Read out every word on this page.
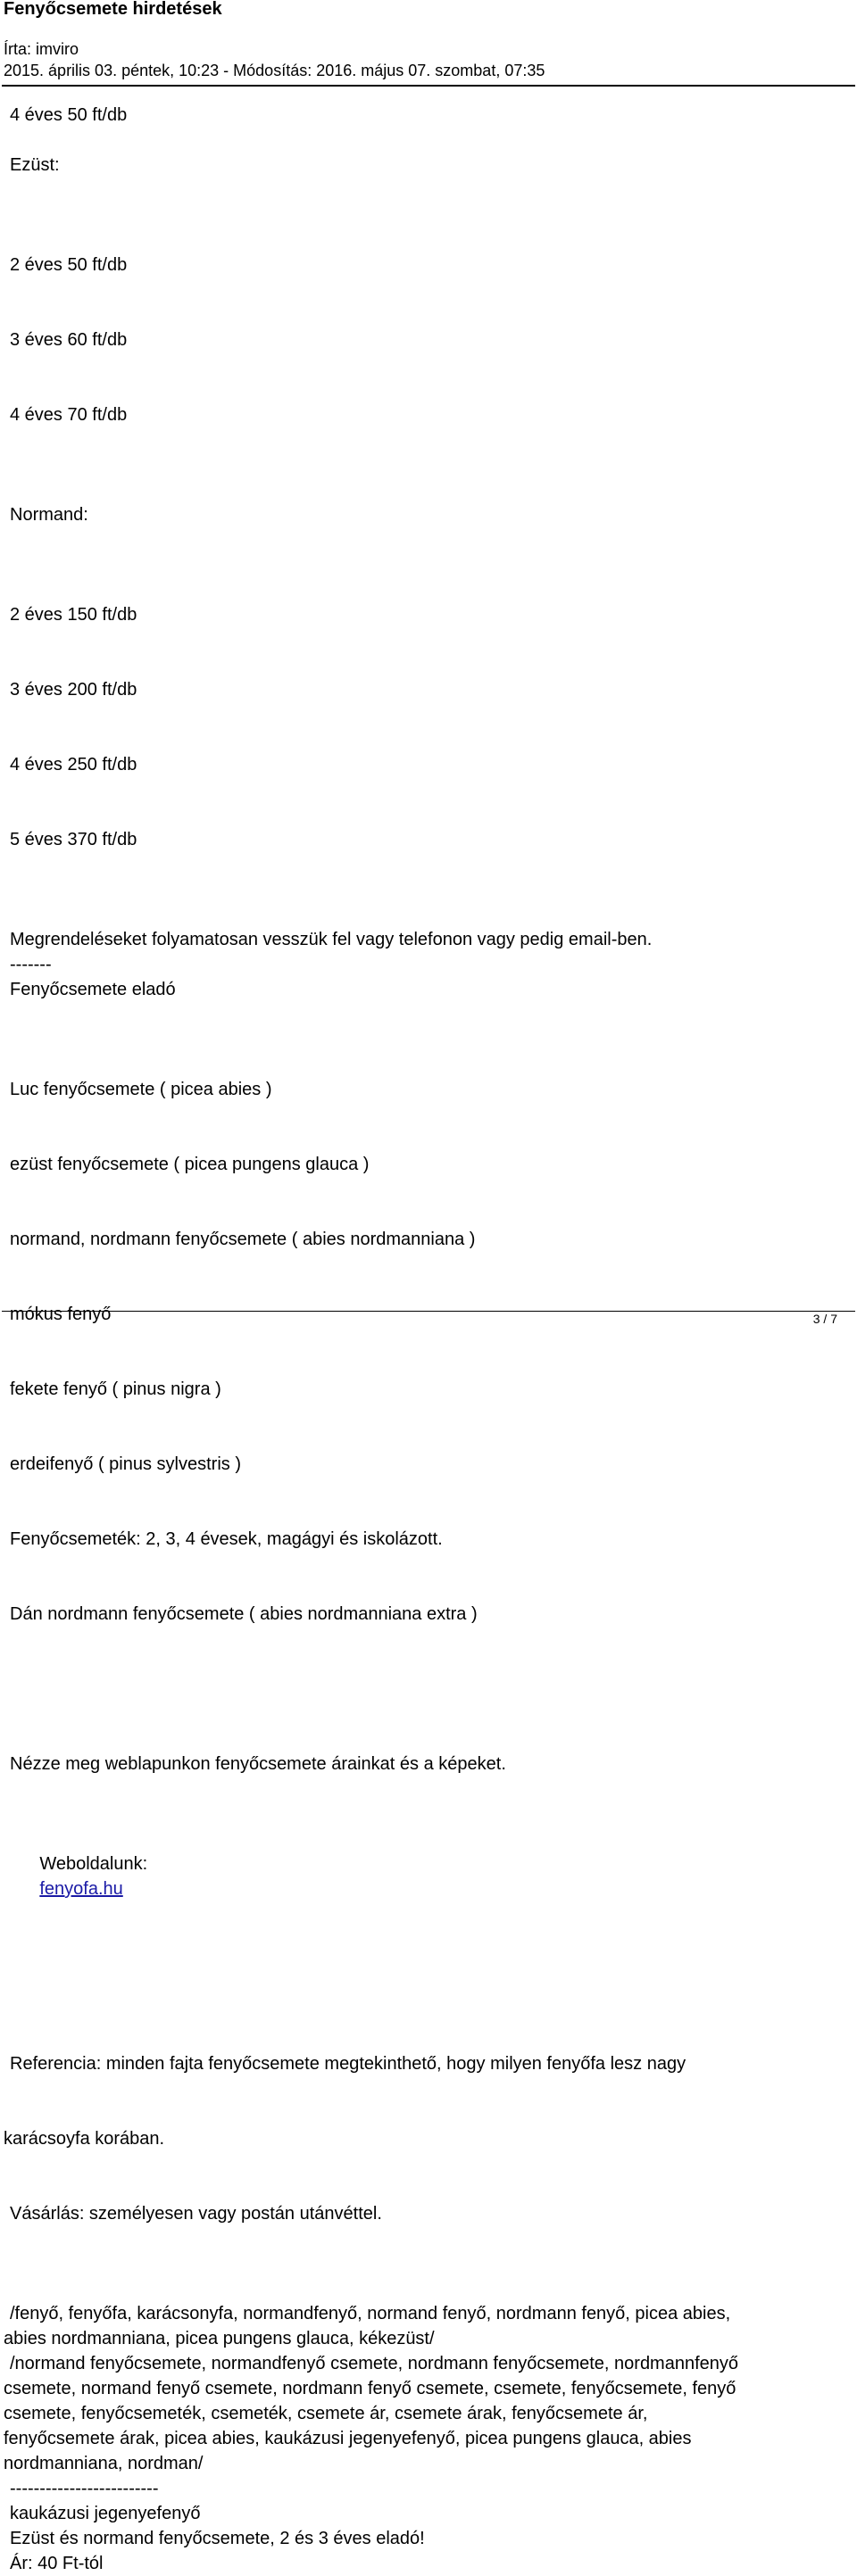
Fenyőcsemete hirdetések
Írta: imviro
2015. április 03. péntek, 10:23 - Módosítás: 2016. május 07. szombat, 07:35
4 éves 50 ft/db
Ezüst:

2 éves 50 ft/db

3 éves 60 ft/db

4 éves 70 ft/db

Normand:

2 éves 150 ft/db

3 éves 200 ft/db

4 éves 250 ft/db

5 éves 370 ft/db

Megrendeléseket folyamatosan vesszük fel vagy telefonon vagy pedig email-ben.
-------
Fenyőcsemete eladó

Luc fenyőcsemete ( picea abies )

ezüst fenyőcsemete ( picea pungens glauca )

normand, nordmann fenyőcsemete ( abies nordmanniana )

mókus fenyő

fekete fenyő ( pinus nigra )

erdeifenyő ( pinus sylvestris )

Fenyőcsemeték: 2, 3, 4 évesek, magágyi és iskolázott.

Dán nordmann fenyőcsemete ( abies nordmanniana extra )

Nézze meg weblapunkon fenyőcsemete árainkat és a képeket.

Weboldalunk:
fenyofa.hu

Referencia: minden fajta fenyőcsemete megtekinthető, hogy milyen fenyőfa lesz nagy

karácsoyfa korában.

Vásárlás: személyesen vagy postán utánvéttel.

/fenyő, fenyőfa, karácsonyfa, normandfenyő, normand fenyő, nordmann fenyő, picea abies,
abies nordmanniana, picea pungens glauca, kékezüst/
/normand fenyőcsemete, normandfenyő csemete, nordmann fenyőcsemete, nordmannfenyő
csemete, normand fenyő csemete, nordmann fenyő csemete, csemete, fenyőcsemete, fenyő
csemete, fenyőcsemeték, csemeték, csemete ár, csemete árak, fenyőcsemete ár,
fenyőcsemete árak, picea abies, kaukázusi jegenyefenyő, picea pungens glauca, abies
nordmanniana, nordman/
-------------------------
kaukázusi jegenyefenyő
Ezüst és normand fenyőcsemete, 2 és 3 éves eladó!
Ár: 40 Ft-tól
3 / 7
